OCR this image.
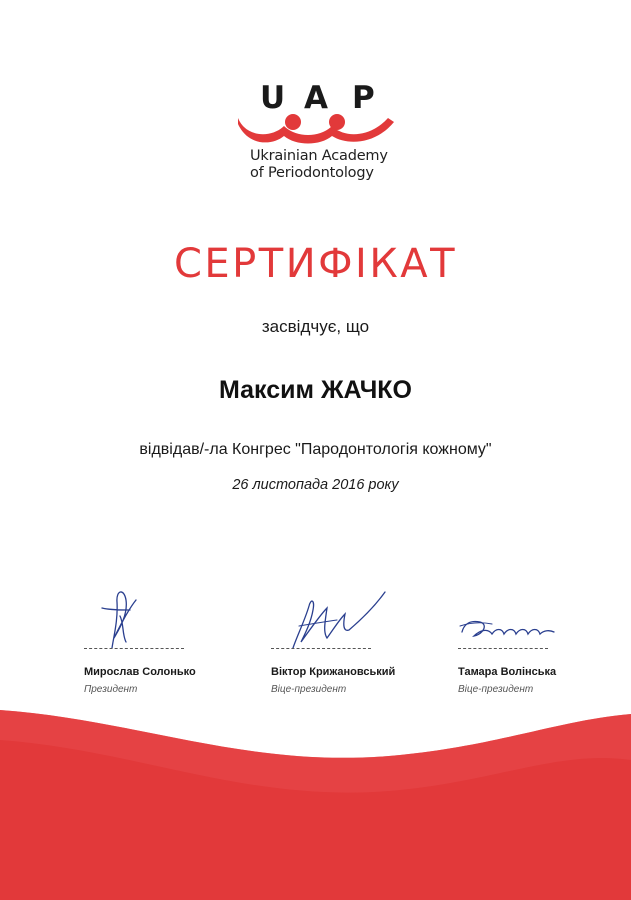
U A P
Ukrainian Academy
of Periodontology
СЕРТИФІКАТ
засвідчує, що
Максим ЖАЧКО
відвідав/-ла Конгрес "Пародонтологія кожному"
26 листопада 2016 року
Мирослав Солонько
Президент
Віктор Крижановський
Віце-президент
Тамара Волінська
Віце-президент
